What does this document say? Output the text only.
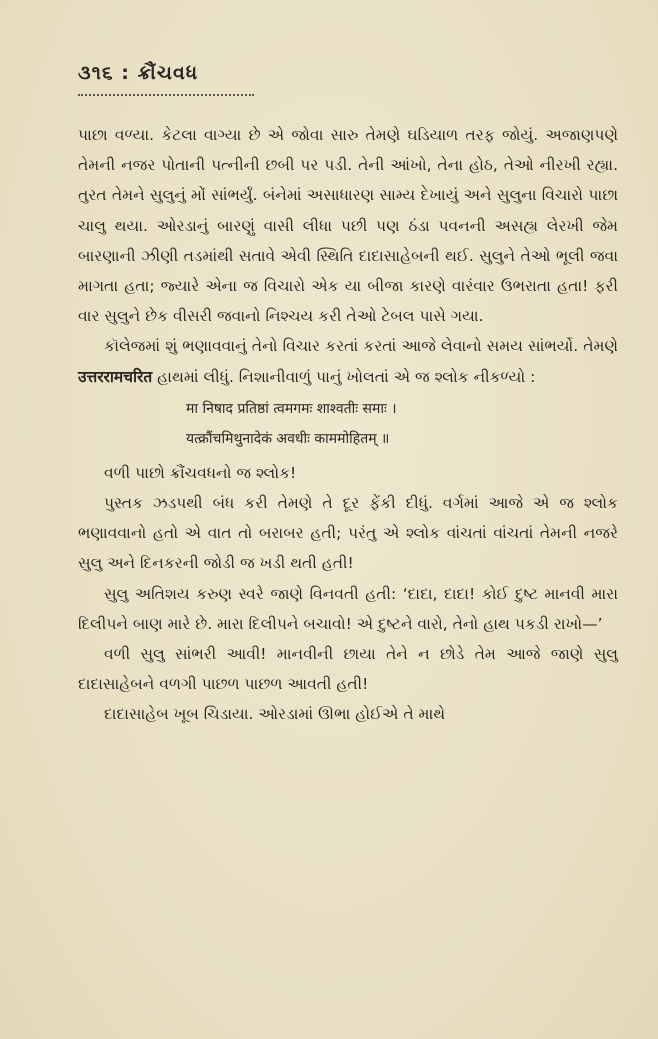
૩૧૬ : ક્રૌંચવધ

પાછા વળ્યા. કેટલા વાગ્યા છે એ જોવા સારુ તેમણે ઘડિયાળ તરફ જોયું. અજાણપણે તેમની નજર પોતાની પત્નીની છબી પર પડી. તેની આંખો, તેના હોઠ, તેઓ નીરખી રહ્યા. તુરત તેમને સુલુનું મોં સાંભર્યું. બંનેમાં અસાધારણ સામ્ય દેખાયું અને સુલુના વિચારો પાછા ચાલુ થયા. ઓરડાનું બારણું વાસી લીધા પછી પણ ઠંડા પવનની અસહ્ય લેરખી જેમ બારણાની ઝીણી તડમાંથી સતાવે એવી સ્થિતિ દાદાસાહેબની થઈ. સુલુને તેઓ ભૂલી જવા માગતા હતા; જ્યારે એના જ વિચારો એક યા બીજા કારણે વારંવાર ઉભરાતા હતા! ફરી વાર સુલુને છેક વીસરી જવાનો નિશ્ચય કરી તેઓ ટેબલ પાસે ગયા.

કૉલેજમાં શું ભણાવવાનું તેનો વિચાર કરતાં કરતાં આજે લેવાનો સમય સાંભર્યો. તેમણે उत्तररामचरित હાથમાં લીધું. નિશાનીવાળું પાનું ખોલતાં એ જ શ્લોક નીકળ્યો :

मा निषाद प्रतिष्ठां त्वमगमः शाश्वतीः समाः ।
यत्क्रौंचमिथुनादेकं अवधीः काममोहितम् ॥

વળી પાછો ક્રૌંચવધનો જ શ્લોક!

પુસ્તક ઝડપથી બંધ કરી તેમણે તે દૂર ફેંકી દીધું. વર્ગમાં આજે એ જ શ્લોક ભણાવવાનો હતો એ વાત તો બરાબર હતી; પરંતુ એ શ્લોક વાંચતાં વાંચતાં તેમની નજરે સુલુ અને દિનકરની જોડી જ ખડી થતી હતી!

સુલુ અતિશય કરુણ સ્વરે જાણે વિનવતી હતી: ‘દાદા, દાદા! કોઈ દુષ્ટ માનવી મારા દિલીપને બાણ મારે છે. મારા દિલીપને બચાવો! એ દુષ્ટને વારો, તેનો હાથ પકડી રાખો—’

વળી સુલુ સાંભરી આવી! માનવીની છાયા તેને ન છોડે તેમ આજે જાણે સુલુ દાદાસાહેબને વળગી પાછળ પાછળ આવતી હતી!

દાદાસાહેબ ખૂબ ચિડાયા. ઓરડામાં ઊભા હોઈએ તે માથે
